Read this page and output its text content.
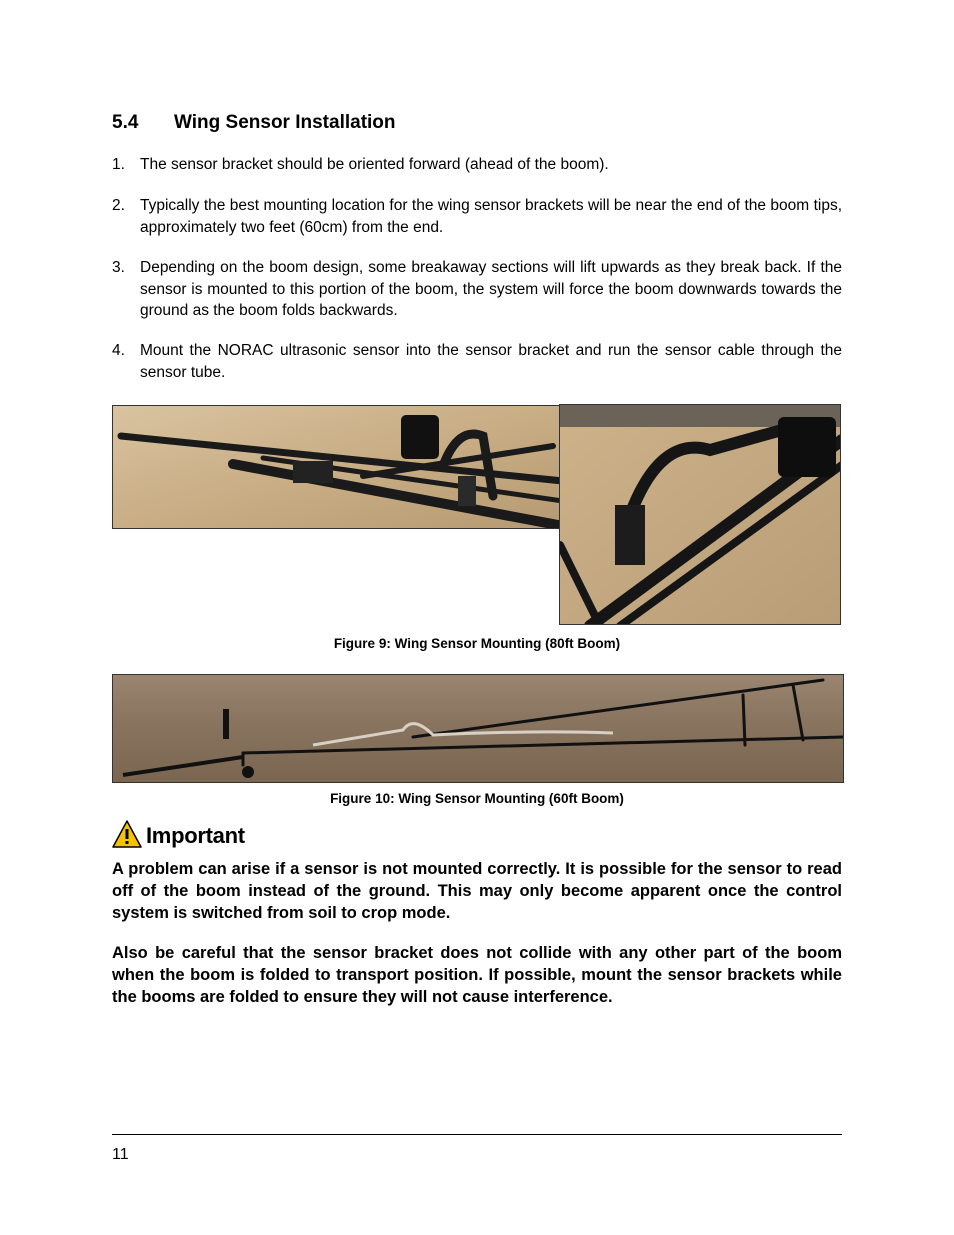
5.4 Wing Sensor Installation
1. The sensor bracket should be oriented forward (ahead of the boom).
2. Typically the best mounting location for the wing sensor brackets will be near the end of the boom tips, approximately two feet (60cm) from the end.
3. Depending on the boom design, some breakaway sections will lift upwards as they break back. If the sensor is mounted to this portion of the boom, the system will force the boom downwards towards the ground as the boom folds backwards.
4. Mount the NORAC ultrasonic sensor into the sensor bracket and run the sensor cable through the sensor tube.
Figure 9: Wing Sensor Mounting (80ft Boom)
Figure 10: Wing Sensor Mounting (60ft Boom)
Important
A problem can arise if a sensor is not mounted correctly. It is possible for the sensor to read off of the boom instead of the ground. This may only become apparent once the control system is switched from soil to crop mode.
Also be careful that the sensor bracket does not collide with any other part of the boom when the boom is folded to transport position. If possible, mount the sensor brackets while the booms are folded to ensure they will not cause interference.
11
